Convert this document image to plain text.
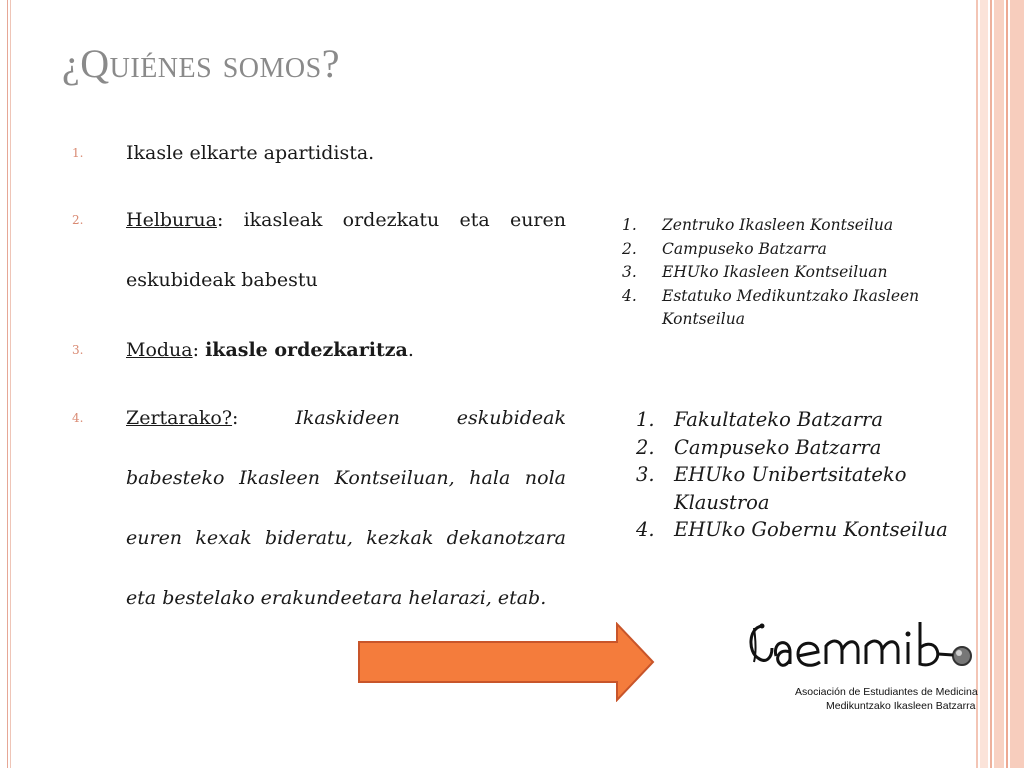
¿Quiénes somos?
1. Ikasle elkarte apartidista.
2. Helburua: ikasleak ordezkatu eta euren eskubideak babestu
3. Modua: ikasle ordezkaritza.
4. Zertarako?: Ikaskideen eskubideak babesteko Ikasleen Kontseiluan, hala nola euren kexak bideratu, kezkak dekanotzara eta bestelako erakundeetara helarazi, etab.
1. Zentruko Ikasleen Kontseilua
2. Campuseko Batzarra
3. EHUko Ikasleen Kontseiluan
4. Estatuko Medikuntzako Ikasleen Kontseilua
1. Fakultateko Batzarra
2. Campuseko Batzarra
3. EHUko Unibertsitateko Klaustroa
4. EHUko Gobernu Kontseilua
Asociación de Estudiantes de Medicina
Medikuntzako Ikasleen Batzarra
